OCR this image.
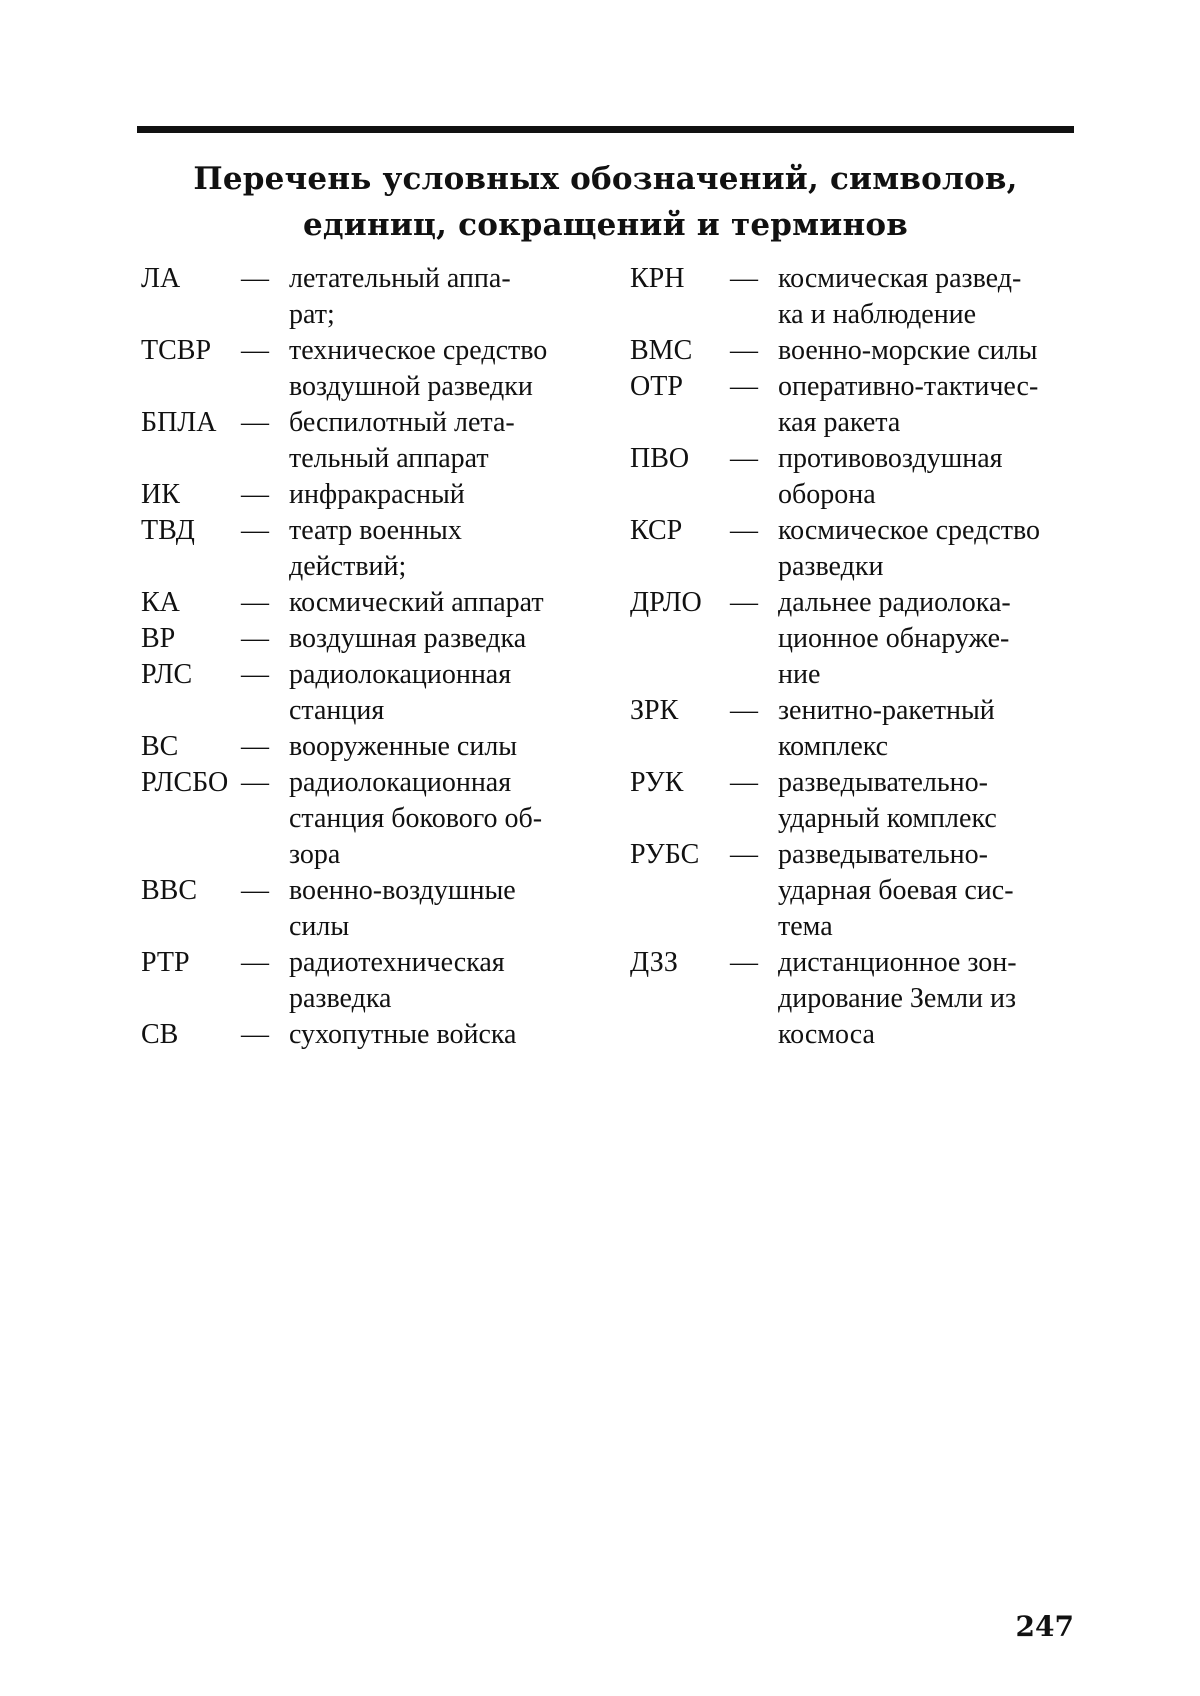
Перечень условных обозначений, символов,
единиц, сокращений и терминов
ЛА	— летательный аппа-
рат;
ТСВР	— техническое средство
воздушной разведки
БПЛА — беспилотный лета-
тельный аппарат
ИК	— инфракрасный
ТВД	— театр военных
действий;
КА	— космический аппарат
ВР	— воздушная разведка
РЛС	— радиолокационная
станция
ВС	— вооруженные силы
РЛСБО — радиолокационная
станция бокового об-
зора
ВВС	— военно-воздушные
силы
РТР	— радиотехническая
разведка
СВ	— сухопутные войска
КРН	— космическая развед-
ка и наблюдение
ВМС	— военно-морские силы
ОТР	— оперативно-тактичес-
кая ракета
ПВО	— противовоздушная
оборона
КСР	— космическое средство
разведки
ДРЛО	— дальнее радиолока-
ционное обнаруже-
ние
ЗРК	— зенитно-ракетный
комплекс
РУК	— разведывательно-
ударный комплекс
РУБС	— разведывательно-
ударная боевая сис-
тема
ДЗЗ	— дистанционное зон-
дирование Земли из
космоса
247
